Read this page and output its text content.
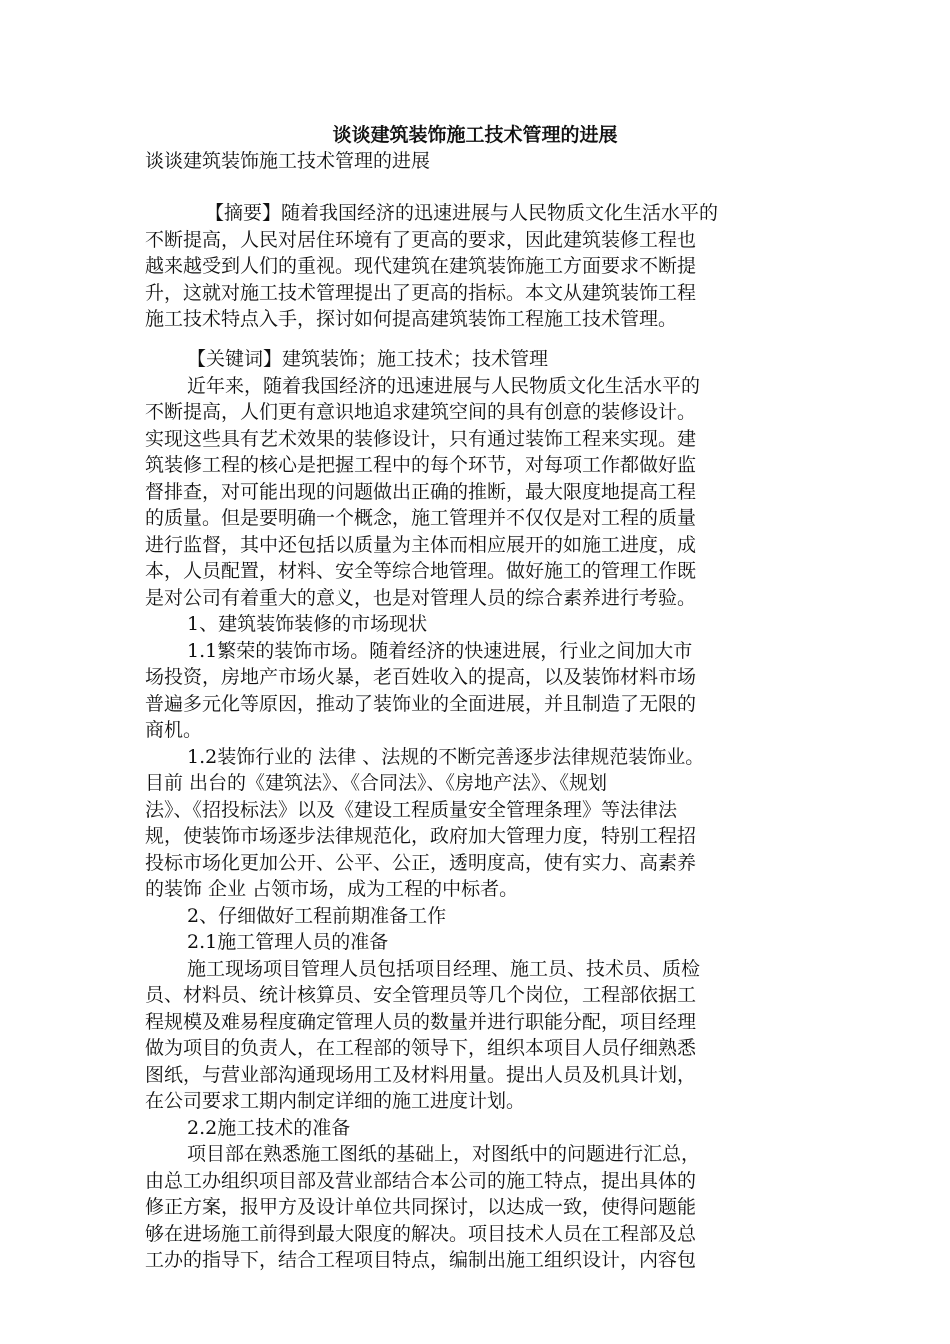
谈谈建筑装饰施工技术管理的进展
谈谈建筑装饰施工技术管理的进展
【摘要】随着我国经济的迅速进展与人民物质文化生活水平的
不断提高，人民对居住环境有了更高的要求，因此建筑装修工程也
越来越受到人们的重视。现代建筑在建筑装饰施工方面要求不断提
升，这就对施工技术管理提出了更高的指标。本文从建筑装饰工程
施工技术特点入手，探讨如何提高建筑装饰工程施工技术管理。
【关键词】建筑装饰；施工技术；技术管理
近年来，随着我国经济的迅速进展与人民物质文化生活水平的
不断提高，人们更有意识地追求建筑空间的具有创意的装修设计。
实现这些具有艺术效果的装修设计，只有通过装饰工程来实现。建
筑装修工程的核心是把握工程中的每个环节，对每项工作都做好监
督排查，对可能出现的问题做出正确的推断，最大限度地提高工程
的质量。但是要明确一个概念，施工管理并不仅仅是对工程的质量
进行监督，其中还包括以质量为主体而相应展开的如施工进度，成
本，人员配置，材料、安全等综合地管理。做好施工的管理工作既
是对公司有着重大的意义，也是对管理人员的综合素养进行考验。
1、建筑装饰装修的市场现状
1.1繁荣的装饰市场。随着经济的快速进展，行业之间加大市
场投资，房地产市场火暴，老百姓收入的提高，以及装饰材料市场
普遍多元化等原因，推动了装饰业的全面进展，并且制造了无限的
商机。
1.2装饰行业的 法律 、法规的不断完善逐步法律规范装饰业。
目前 出台的《建筑法》、《合同法》、《房地产法》、《规划
法》、《招投标法》以及《建设工程质量安全管理条理》等法律法
规，使装饰市场逐步法律规范化，政府加大管理力度，特别工程招
投标市场化更加公开、公平、公正，透明度高，使有实力、高素养
的装饰 企业 占领市场，成为工程的中标者。
2、仔细做好工程前期准备工作
2.1施工管理人员的准备
施工现场项目管理人员包括项目经理、施工员、技术员、质检
员、材料员、统计核算员、安全管理员等几个岗位，工程部依据工
程规模及难易程度确定管理人员的数量并进行职能分配，项目经理
做为项目的负责人，在工程部的领导下，组织本项目人员仔细熟悉
图纸，与营业部沟通现场用工及材料用量。提出人员及机具计划，
在公司要求工期内制定详细的施工进度计划。
2.2施工技术的准备
项目部在熟悉施工图纸的基础上，对图纸中的问题进行汇总，
由总工办组织项目部及营业部结合本公司的施工特点，提出具体的
修正方案，报甲方及设计单位共同探讨，以达成一致，使得问题能
够在进场施工前得到最大限度的解决。项目技术人员在工程部及总
工办的指导下，结合工程项目特点，编制出施工组织设计，内容包
